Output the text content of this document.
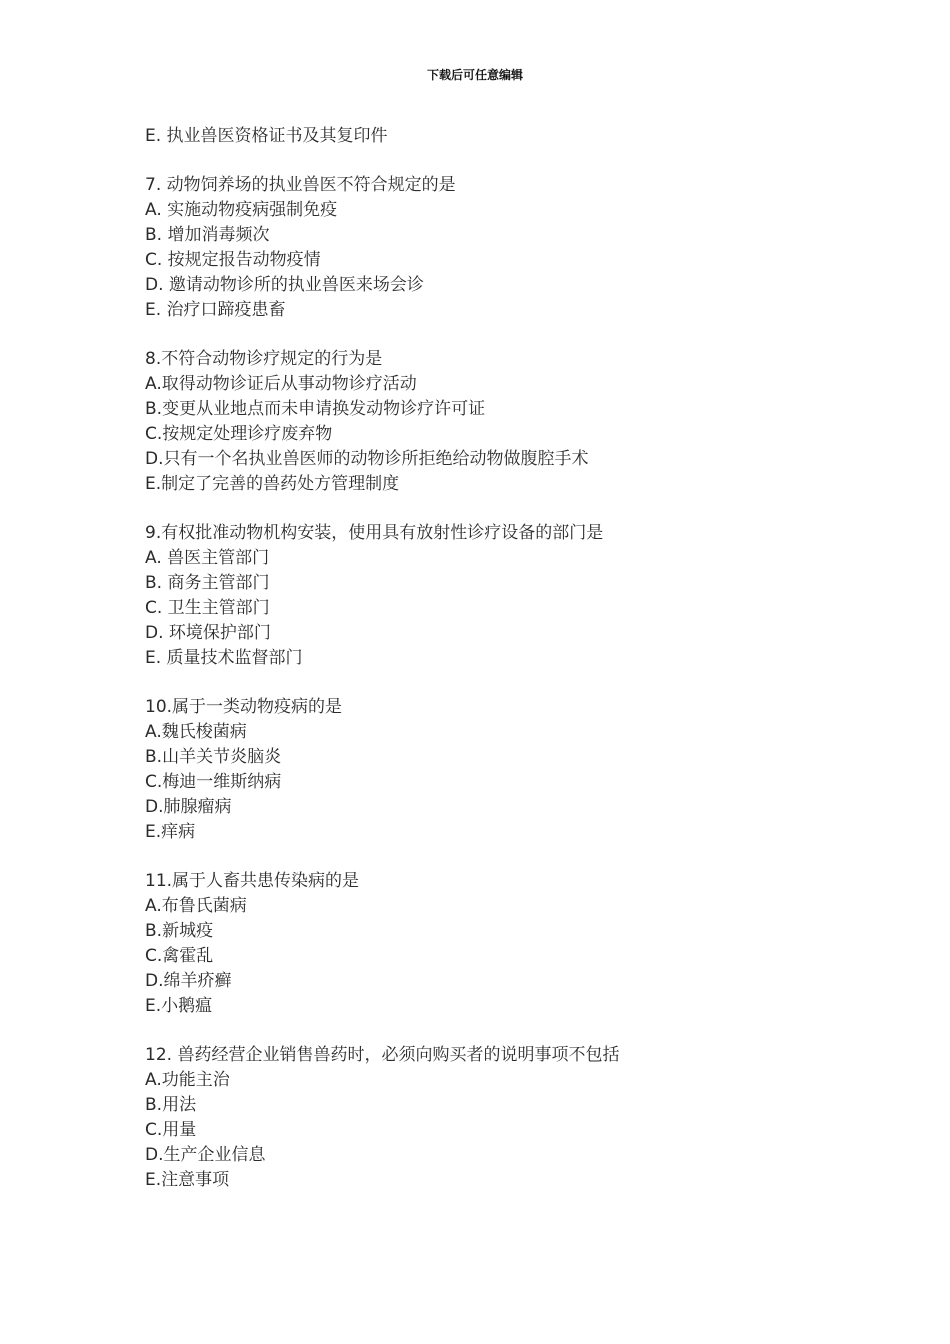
下载后可任意编辑
E. 执业兽医资格证书及其复印件
7. 动物饲养场的执业兽医不符合规定的是
A. 实施动物疫病强制免疫
B. 增加消毒频次
C. 按规定报告动物疫情
D. 邀请动物诊所的执业兽医来场会诊
E. 治疗口蹄疫患畜
8.不符合动物诊疗规定的行为是
A.取得动物诊证后从事动物诊疗活动
B.变更从业地点而未申请换发动物诊疗许可证
C.按规定处理诊疗废弃物
D.只有一个名执业兽医师的动物诊所拒绝给动物做腹腔手术
E.制定了完善的兽药处方管理制度
9.有权批准动物机构安装，使用具有放射性诊疗设备的部门是
A. 兽医主管部门
B. 商务主管部门
C. 卫生主管部门
D. 环境保护部门
E. 质量技术监督部门
10.属于一类动物疫病的是
A.魏氏梭菌病
B.山羊关节炎脑炎
C.梅迪一维斯纳病
D.肺腺瘤病
E.痒病
11.属于人畜共患传染病的是
A.布鲁氏菌病
B.新城疫
C.禽霍乱
D.绵羊疥癣
E.小鹅瘟
12. 兽药经营企业销售兽药时，必须向购买者的说明事项不包括
A.功能主治
B.用法
C.用量
D.生产企业信息
E.注意事项
